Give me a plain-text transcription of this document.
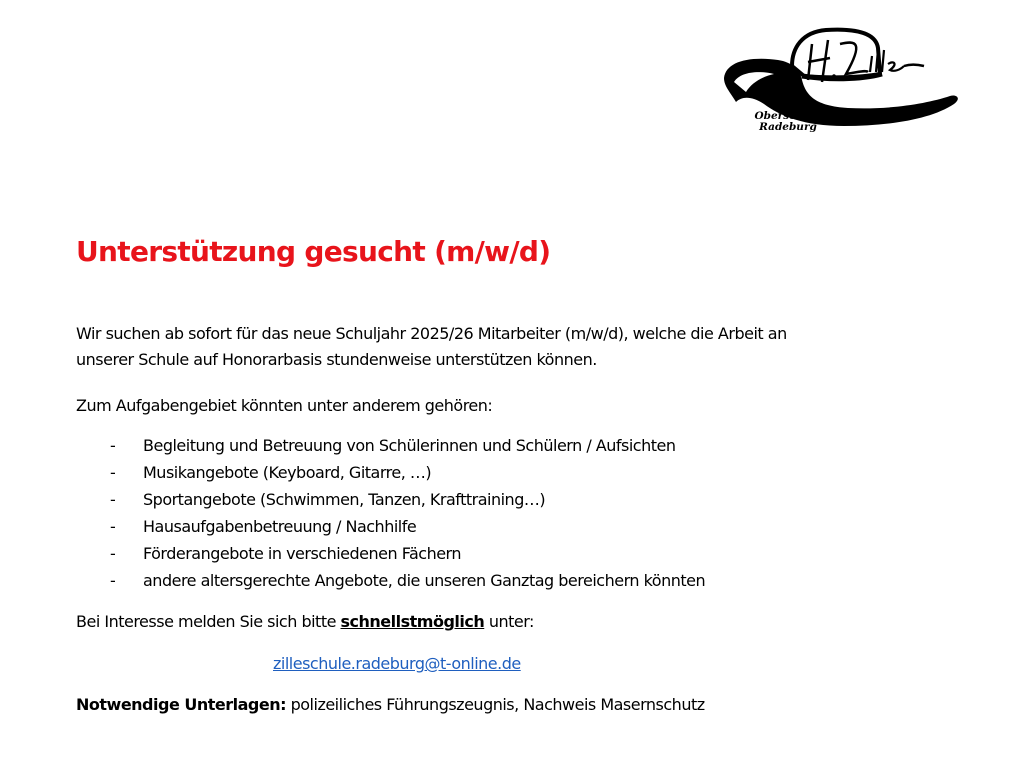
Oberschule
Radeburg
Unterstützung gesucht (m/w/d)
Wir suchen ab sofort für das neue Schuljahr 2025/26 Mitarbeiter (m/w/d), welche die Arbeit an
unserer Schule auf Honorarbasis stundenweise unterstützen können.
Zum Aufgabengebiet könnten unter anderem gehören:
- Begleitung und Betreuung von Schülerinnen und Schülern / Aufsichten
- Musikangebote (Keyboard, Gitarre, …)
- Sportangebote (Schwimmen, Tanzen, Krafttraining…)
- Hausaufgabenbetreuung / Nachhilfe
- Förderangebote in verschiedenen Fächern
- andere altersgerechte Angebote, die unseren Ganztag bereichern könnten
Bei Interesse melden Sie sich bitte schnellstmöglich unter:
zilleschule.radeburg@t-online.de
Notwendige Unterlagen: polizeiliches Führungszeugnis, Nachweis Masernschutz
